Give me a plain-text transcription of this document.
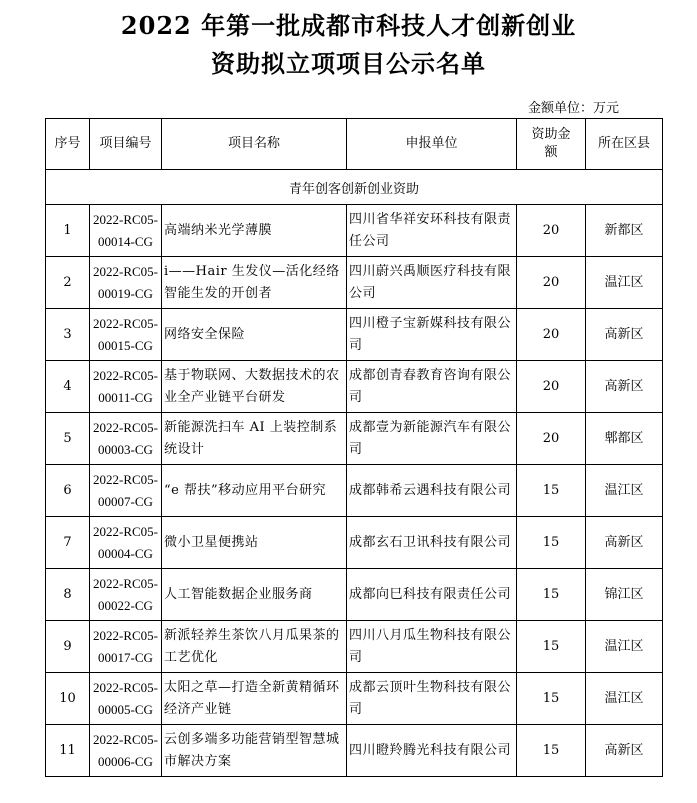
2022 年第一批成都市科技人才创新创业
资助拟立项项目公示名单
金额单位：万元
序号	项目编号	项目名称	申报单位	资助金额	所在区县
青年创客创新创业资助					
1	2022-RC05-00014-CG	高端纳米光学薄膜	四川省华祥安环科技有限责任公司	20	新都区
2	2022-RC05-00019-CG	i——Hair 生发仪—活化经络智能生发的开创者	四川蔚兴禹顺医疗科技有限公司	20	温江区
3	2022-RC05-00015-CG	网络安全保险	四川橙子宝新媒科技有限公司	20	高新区
4	2022-RC05-00011-CG	基于物联网、大数据技术的农业全产业链平台研发	成都创青春教育咨询有限公司	20	高新区
5	2022-RC05-00003-CG	新能源洗扫车 AI 上装控制系统设计	成都壹为新能源汽车有限公司	20	郫都区
6	2022-RC05-00007-CG	“e 帮扶”移动应用平台研究	成都韩希云遇科技有限公司	15	温江区
7	2022-RC05-00004-CG	微小卫星便携站	成都玄石卫讯科技有限公司	15	高新区
8	2022-RC05-00022-CG	人工智能数据企业服务商	成都向巳科技有限责任公司	15	锦江区
9	2022-RC05-00017-CG	新派轻养生茶饮八月瓜果茶的工艺优化	四川八月瓜生物科技有限公司	15	温江区
10	2022-RC05-00005-CG	太阳之草—打造全新黄精循环经济产业链	成都云顶叶生物科技有限公司	15	温江区
11	2022-RC05-00006-CG	云创多端多功能营销型智慧城市解决方案	四川瞪羚腾光科技有限公司	15	高新区
